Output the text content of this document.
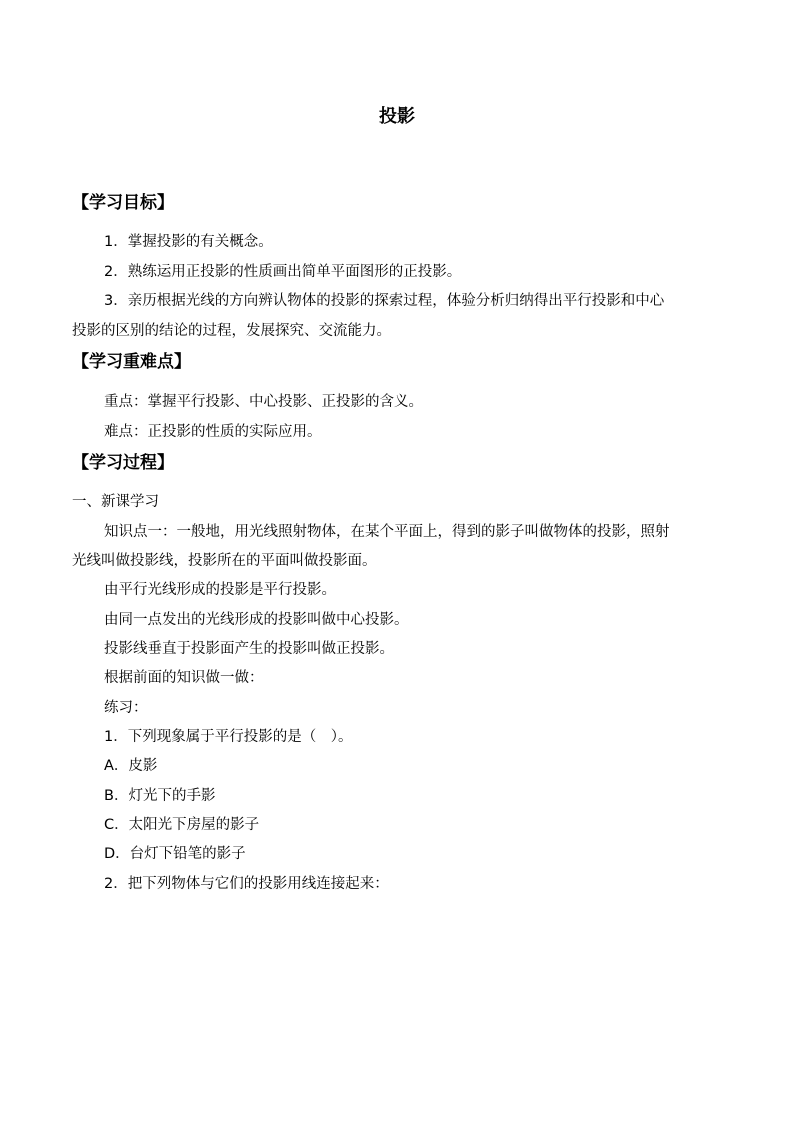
投影
【学习目标】
1．掌握投影的有关概念。
2．熟练运用正投影的性质画出简单平面图形的正投影。
3．亲历根据光线的方向辨认物体的投影的探索过程，体验分析归纳得出平行投影和中心
投影的区别的结论的过程，发展探究、交流能力。
【学习重难点】
重点：掌握平行投影、中心投影、正投影的含义。
难点：正投影的性质的实际应用。
【学习过程】
一、新课学习
知识点一：一般地，用光线照射物体，在某个平面上，得到的影子叫做物体的投影，照射
光线叫做投影线，投影所在的平面叫做投影面。
由平行光线形成的投影是平行投影。
由同一点发出的光线形成的投影叫做中心投影。
投影线垂直于投影面产生的投影叫做正投影。
根据前面的知识做一做：
练习：
1．下列现象属于平行投影的是（　）。
A．皮影
B．灯光下的手影
C．太阳光下房屋的影子
D．台灯下铅笔的影子
2．把下列物体与它们的投影用线连接起来：
